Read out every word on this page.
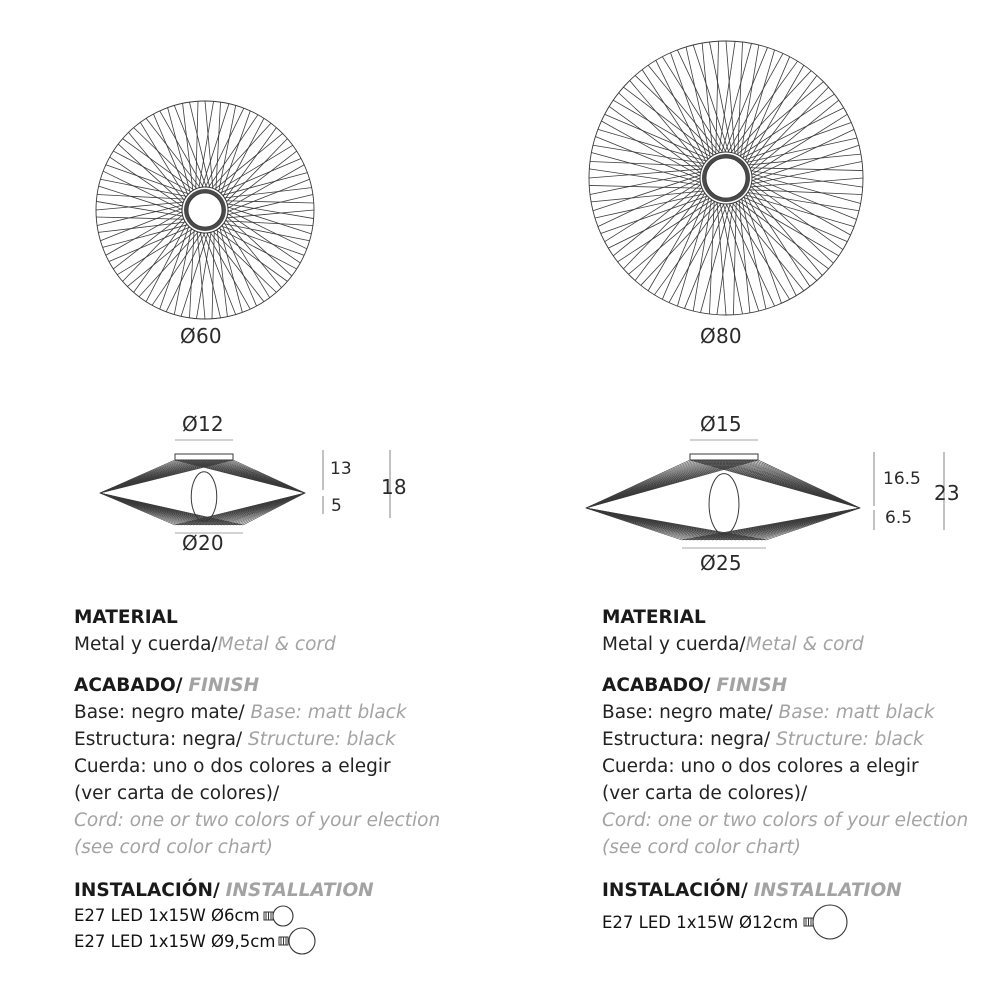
Ø60	Ø80
Ø12
Ø20
13
5
18
Ø15
Ø25
16.5
6.5
23
MATERIAL
Metal y cuerda/Metal & cord
ACABADO/ FINISH
Base: negro mate/ Base: matt black
Estructura: negra/ Structure: black
Cuerda: uno o dos colores a elegir
(ver carta de colores)/
Cord: one or two colors of your election
(see cord color chart)
INSTALACIÓN/ INSTALLATION
E27 LED 1x15W Ø6cm
E27 LED 1x15W Ø9,5cm
MATERIAL
Metal y cuerda/Metal & cord
ACABADO/ FINISH
Base: negro mate/ Base: matt black
Estructura: negra/ Structure: black
Cuerda: uno o dos colores a elegir
(ver carta de colores)/
Cord: one or two colors of your election
(see cord color chart)
INSTALACIÓN/ INSTALLATION
E27 LED 1x15W Ø12cm
